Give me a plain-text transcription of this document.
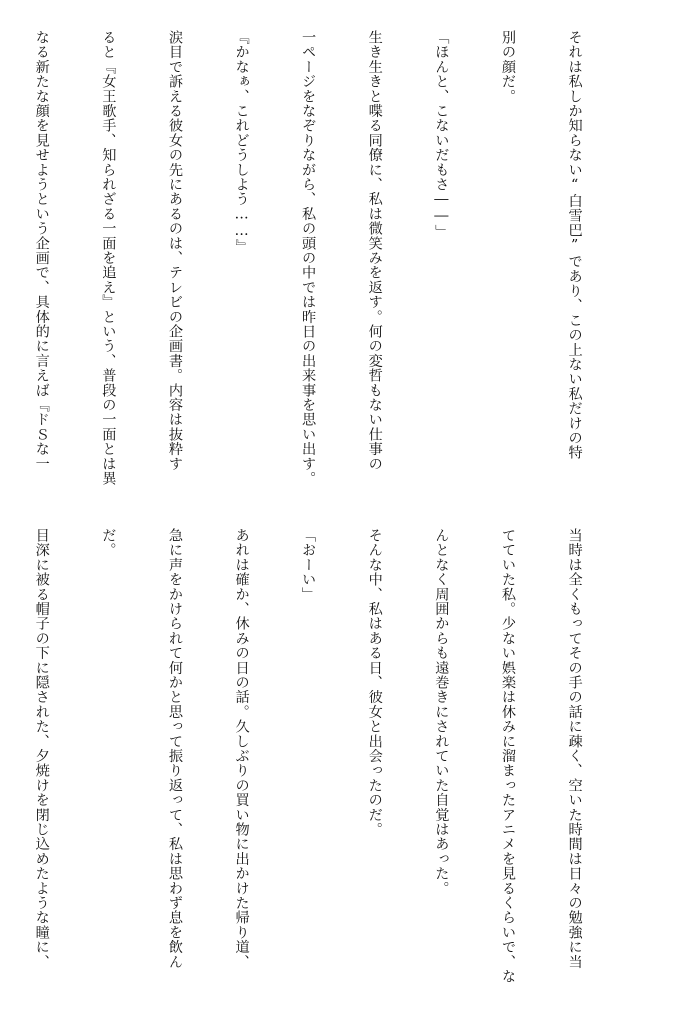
それは私しか知らない“白雪巴”であり、この上ない私だけの特

別の顔だ。

「ほんと、こないだもさ――」

生き生きと喋る同僚に、私は微笑みを返す。何の変哲もない仕事の

一ページをなぞりながら、私の頭の中では昨日の出来事を思い出す。

『かなぁ、これどうしよう……』

涙目で訴える彼女の先にあるのは、テレビの企画書。内容は抜粋す

ると『女王歌手、知られざる一面を追え』という、普段の一面とは異

なる新たな顔を見せようという企画で、具体的に言えば『ドＳな一

当時は全くもってその手の話に疎く、空いた時間は日々の勉強に当

てていた私。少ない娯楽は休みに溜まったアニメを見るくらいで、な

んとなく周囲からも遠巻きにされていた自覚はあった。

そんな中、私はある日、彼女と出会ったのだ。

「おーい」

あれは確か、休みの日の話。久しぶりの買い物に出かけた帰り道、

急に声をかけられて何かと思って振り返って、私は思わず息を飲ん

だ。

目深に被る帽子の下に隠された、夕焼けを閉じ込めたような瞳に、
